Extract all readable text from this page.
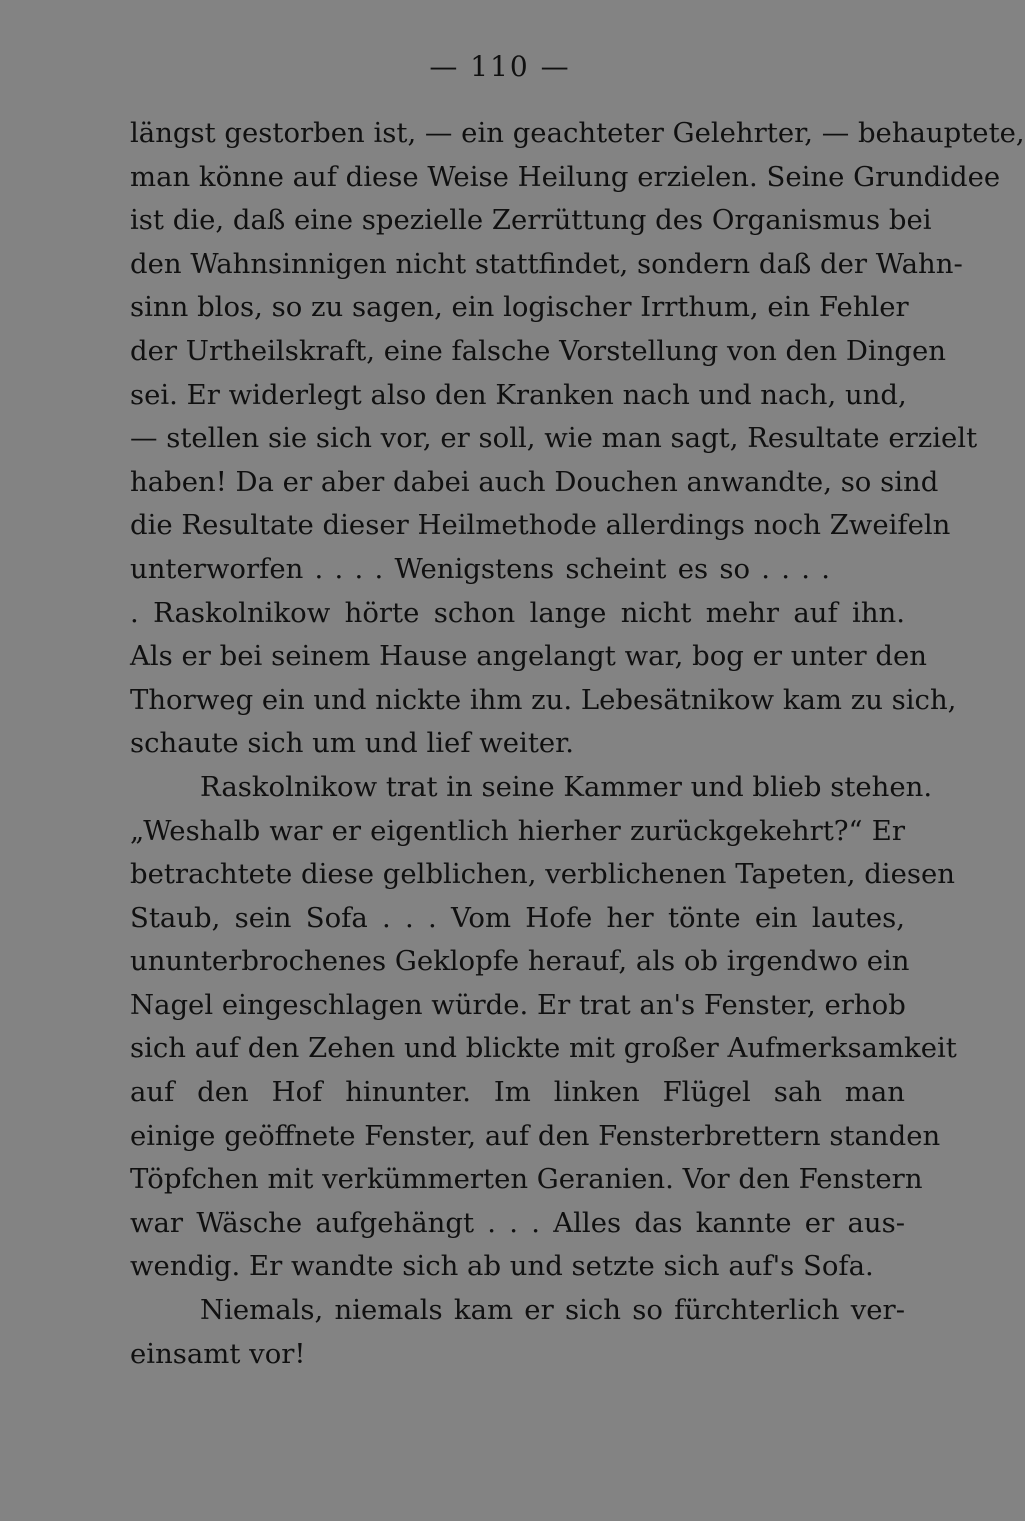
— 110 —
längst gestorben ist, — ein geachteter Gelehrter, — behauptete,
man könne auf diese Weise Heilung erzielen. Seine Grundidee
ist die, daß eine spezielle Zerrüttung des Organismus bei
den Wahnsinnigen nicht stattfindet, sondern daß der Wahn-
sinn blos, so zu sagen, ein logischer Irrthum, ein Fehler
der Urtheilskraft, eine falsche Vorstellung von den Dingen
sei. Er widerlegt also den Kranken nach und nach, und,
— stellen sie sich vor, er soll, wie man sagt, Resultate erzielt
haben! Da er aber dabei auch Douchen anwandte, so sind
die Resultate dieser Heilmethode allerdings noch Zweifeln
unterworfen . . . . Wenigstens scheint es so . . . .
. Raskolnikow hörte schon lange nicht mehr auf ihn.
Als er bei seinem Hause angelangt war, bog er unter den
Thorweg ein und nickte ihm zu. Lebesätnikow kam zu sich,
schaute sich um und lief weiter.
Raskolnikow trat in seine Kammer und blieb stehen.
„Weshalb war er eigentlich hierher zurückgekehrt?“ Er
betrachtete diese gelblichen, verblichenen Tapeten, diesen
Staub, sein Sofa . . . Vom Hofe her tönte ein lautes,
ununterbrochenes Geklopfe herauf, als ob irgendwo ein
Nagel eingeschlagen würde. Er trat an's Fenster, erhob
sich auf den Zehen und blickte mit großer Aufmerksamkeit
auf den Hof hinunter. Im linken Flügel sah man
einige geöffnete Fenster, auf den Fensterbrettern standen
Töpfchen mit verkümmerten Geranien. Vor den Fenstern
war Wäsche aufgehängt . . . Alles das kannte er aus-
wendig. Er wandte sich ab und setzte sich auf's Sofa.
Niemals, niemals kam er sich so fürchterlich ver-
einsamt vor!
